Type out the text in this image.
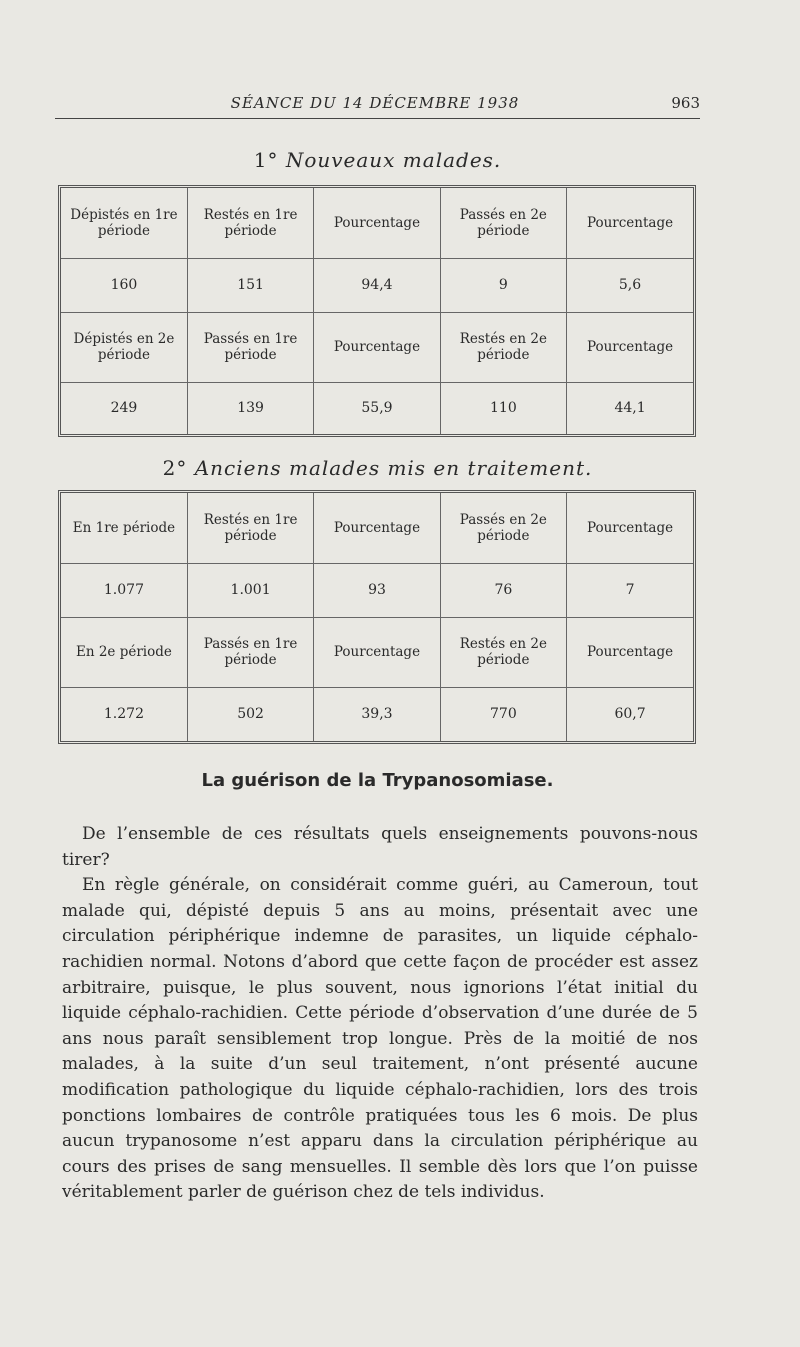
SÉANCE DU 14 DÉCEMBRE 1938	963
1° Nouveaux malades.
Dépistés en 1re période	Restés en 1re période	Pourcentage	Passés en 2e période	Pourcentage
160	151	94,4	9	5,6
Dépistés en 2e période	Passés en 1re période	Pourcentage	Restés en 2e période	Pourcentage
249	139	55,9	110	44,1
2° Anciens malades mis en traitement.
En 1re période	Restés en 1re période	Pourcentage	Passés en 2e période	Pourcentage
1.077	1.001	93	76	7
En 2e période	Passés en 1re période	Pourcentage	Restés en 2e période	Pourcentage
1.272	502	39,3	770	60,7
La guérison de la Trypanosomiase.

De l’ensemble de ces résultats quels enseignements pouvons-nous tirer?

En règle générale, on considérait comme guéri, au Cameroun, tout malade qui, dépisté depuis 5 ans au moins, présentait avec une circulation périphérique indemne de parasites, un liquide céphalo-rachidien normal. Notons d’abord que cette façon de procéder est assez arbitraire, puisque, le plus souvent, nous ignorions l’état initial du liquide céphalo-rachidien. Cette période d’observation d’une durée de 5 ans nous paraît sensiblement trop longue. Près de la moitié de nos malades, à la suite d’un seul traitement, n’ont présenté aucune modification pathologique du liquide céphalo-rachidien, lors des trois ponctions lombaires de contrôle pratiquées tous les 6 mois. De plus aucun trypanosome n’est apparu dans la circulation périphérique au cours des prises de sang mensuelles. Il semble dès lors que l’on puisse véritablement parler de guérison chez de tels individus.
